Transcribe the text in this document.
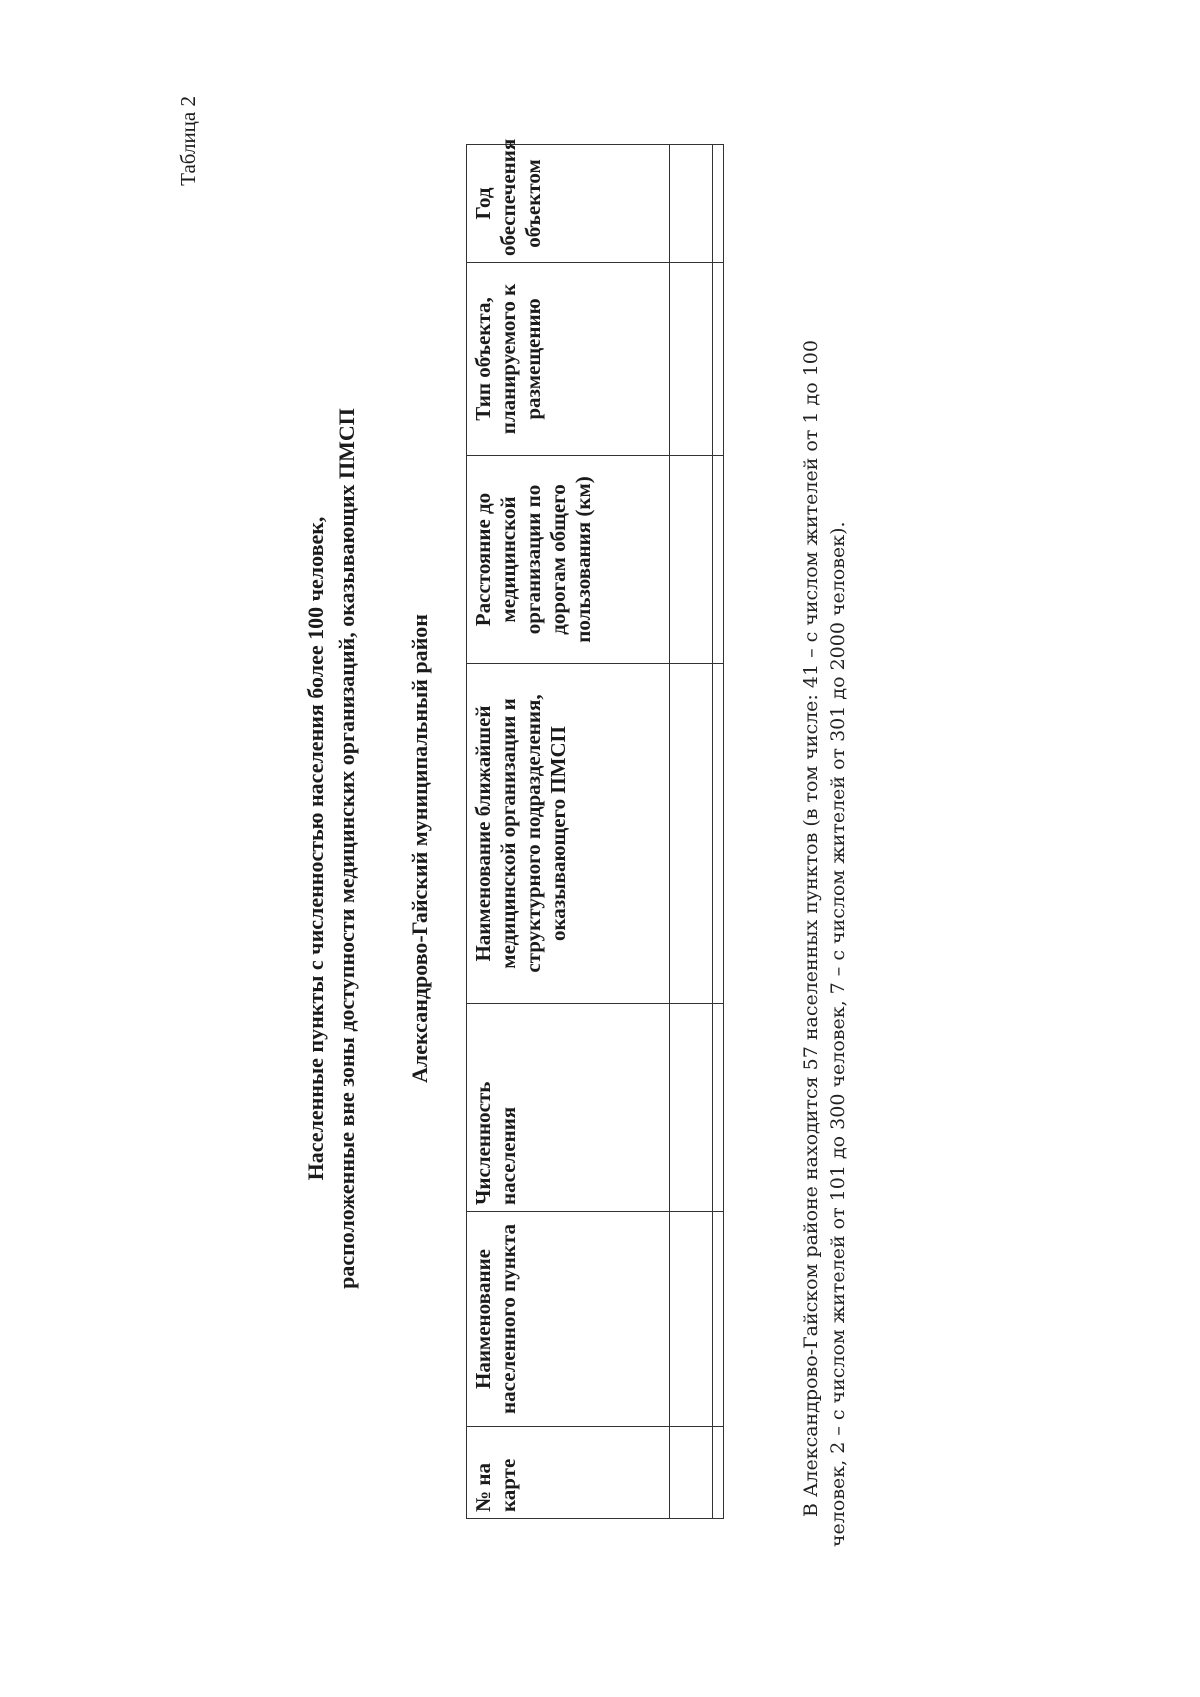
Таблица 2
Населенные пункты с численностью населения более 100 человек, расположенные вне зоны доступности медицинских организаций, оказывающих ПМСП Александрово-Гайский муниципальный район
№ на карте	Наименование населенного пункта	Численность населения	Наименование ближайшей медицинской организации и структурного подразделения, оказывающего ПМСП	Расстояние до медицинской организации по дорогам общего пользования (км)	Тип объекта, планируемого к размещению	Год обеспечения объектом

В Александрово-Гайском районе находится 57 населенных пунктов (в том числе: 41 – с числом жителей от 1 до 100 человек, 2 – с числом жителей от 101 до 300 человек, 7 – с числом жителей от 301 до 2000 человек).
